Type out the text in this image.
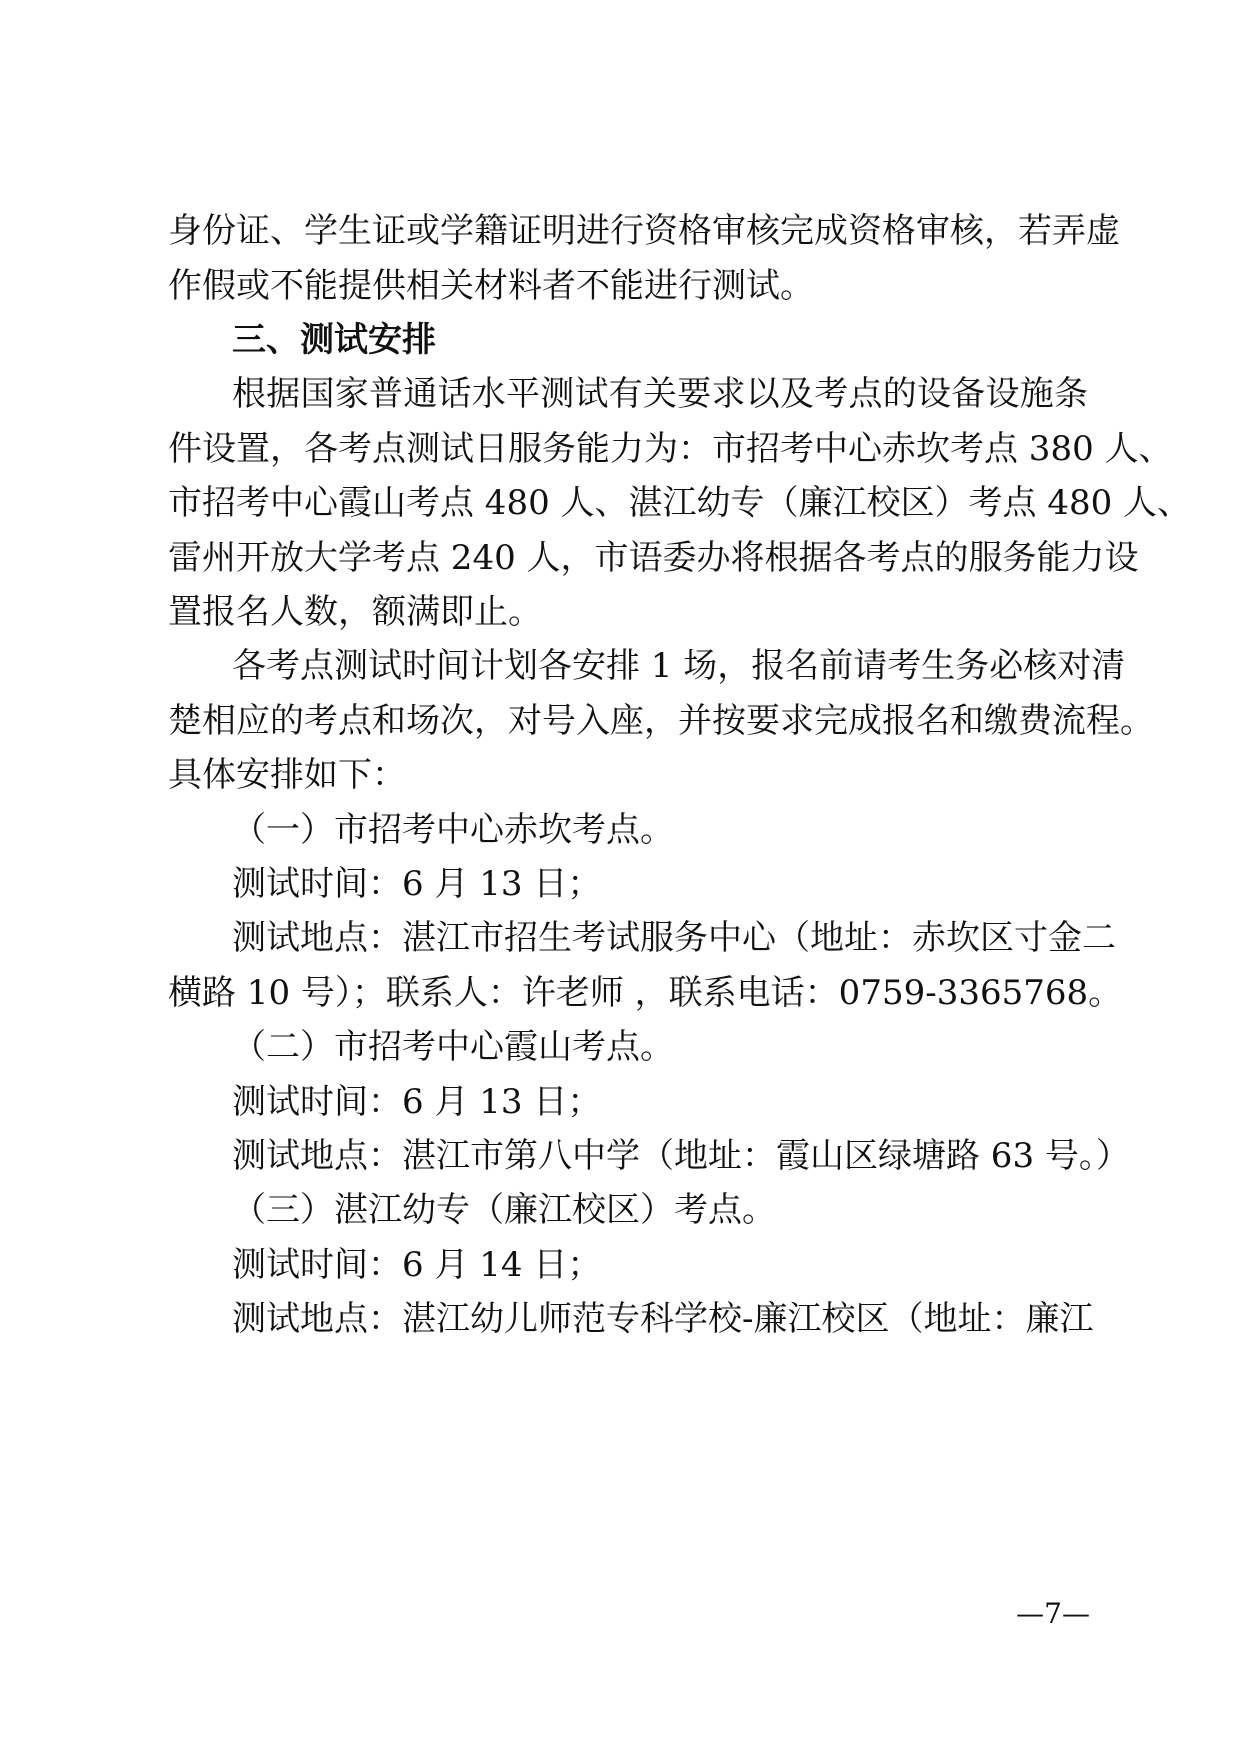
身份证、学生证或学籍证明进行资格审核完成资格审核，若弄虚
作假或不能提供相关材料者不能进行测试。
三、测试安排
根据国家普通话水平测试有关要求以及考点的设备设施条
件设置，各考点测试日服务能力为：市招考中心赤坎考点 380 人、
市招考中心霞山考点 480 人、湛江幼专（廉江校区）考点 480 人、
雷州开放大学考点 240 人，市语委办将根据各考点的服务能力设
置报名人数，额满即止。
各考点测试时间计划各安排 1 场，报名前请考生务必核对清
楚相应的考点和场次，对号入座，并按要求完成报名和缴费流程。
具体安排如下：
（一）市招考中心赤坎考点。
测试时间：6 月 13 日；
测试地点：湛江市招生考试服务中心（地址：赤坎区寸金二
横路 10 号）；联系人：许老师 ，联系电话：0759-3365768。
（二）市招考中心霞山考点。
测试时间：6 月 13 日；
测试地点：湛江市第八中学（地址：霞山区绿塘路 63 号。）
（三）湛江幼专（廉江校区）考点。
测试时间：6 月 14 日；
测试地点：湛江幼儿师范专科学校-廉江校区（地址：廉江
—7—
